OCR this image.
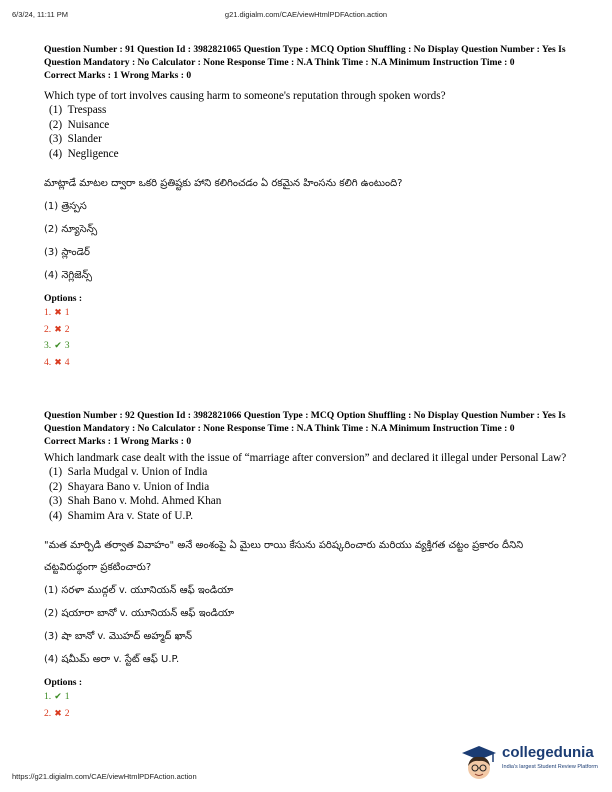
6/3/24, 11:11 PM	g21.digialm.com/CAE/viewHtmlPDFAction.action
Question Number : 91 Question Id : 3982821065 Question Type : MCQ Option Shuffling : No Display Question Number : Yes Is Question Mandatory : No Calculator : None Response Time : N.A Think Time : N.A Minimum Instruction Time : 0
Correct Marks : 1 Wrong Marks : 0
Which type of tort involves causing harm to someone's reputation through spoken words?
(1)  Trespass
(2)  Nuisance
(3)  Slander
(4)  Negligence
మాట్లాడే మాటల ద్వారా ఒకరి ప్రతిష్టకు హాని కలిగించడం ఏ రకమైన హింసను కలిగి ఉంటుంది?
(1) త్రెస్పస
(2) న్యూసెన్స్
(3) స్లాండెర్
(4) నెగ్లిజెన్స్
Options :
1. ✖ 1
2. ✖ 2
3. ✔ 3
4. ✖ 4
Question Number : 92 Question Id : 3982821066 Question Type : MCQ Option Shuffling : No Display Question Number : Yes Is Question Mandatory : No Calculator : None Response Time : N.A Think Time : N.A Minimum Instruction Time : 0
Correct Marks : 1 Wrong Marks : 0
Which landmark case dealt with the issue of “marriage after conversion” and declared it illegal under Personal Law?
(1)  Sarla Mudgal v. Union of India
(2)  Shayara Bano v. Union of India
(3)  Shah Bano v. Mohd. Ahmed Khan
(4)  Shamim Ara v. State of U.P.
"మత మార్పిడి తర్వాత వివాహం" అనే అంశంపై ఏ మైలు రాయి కేసును పరిష్కరించారు మరియు వ్యక్తిగత చట్టం ప్రకారం దీనిని చట్టవిరుద్ధంగా ప్రకటించారు?
(1) సరళా ముద్గల్ v. యూనియన్ ఆఫ్ ఇండియా
(2) షయారా బానో v. యూనియన్ ఆఫ్ ఇండియా
(3) షా బానో v. మొహద్ అహ్మద్ ఖాన్
(4) షమీమ్ అరా v. స్టేట్ ఆఫ్ U.P.
Options :
1. ✔ 1
2. ✖ 2
https://g21.digialm.com/CAE/viewHtmlPDFAction.action
collegedunia
India's largest Student Review Platform
